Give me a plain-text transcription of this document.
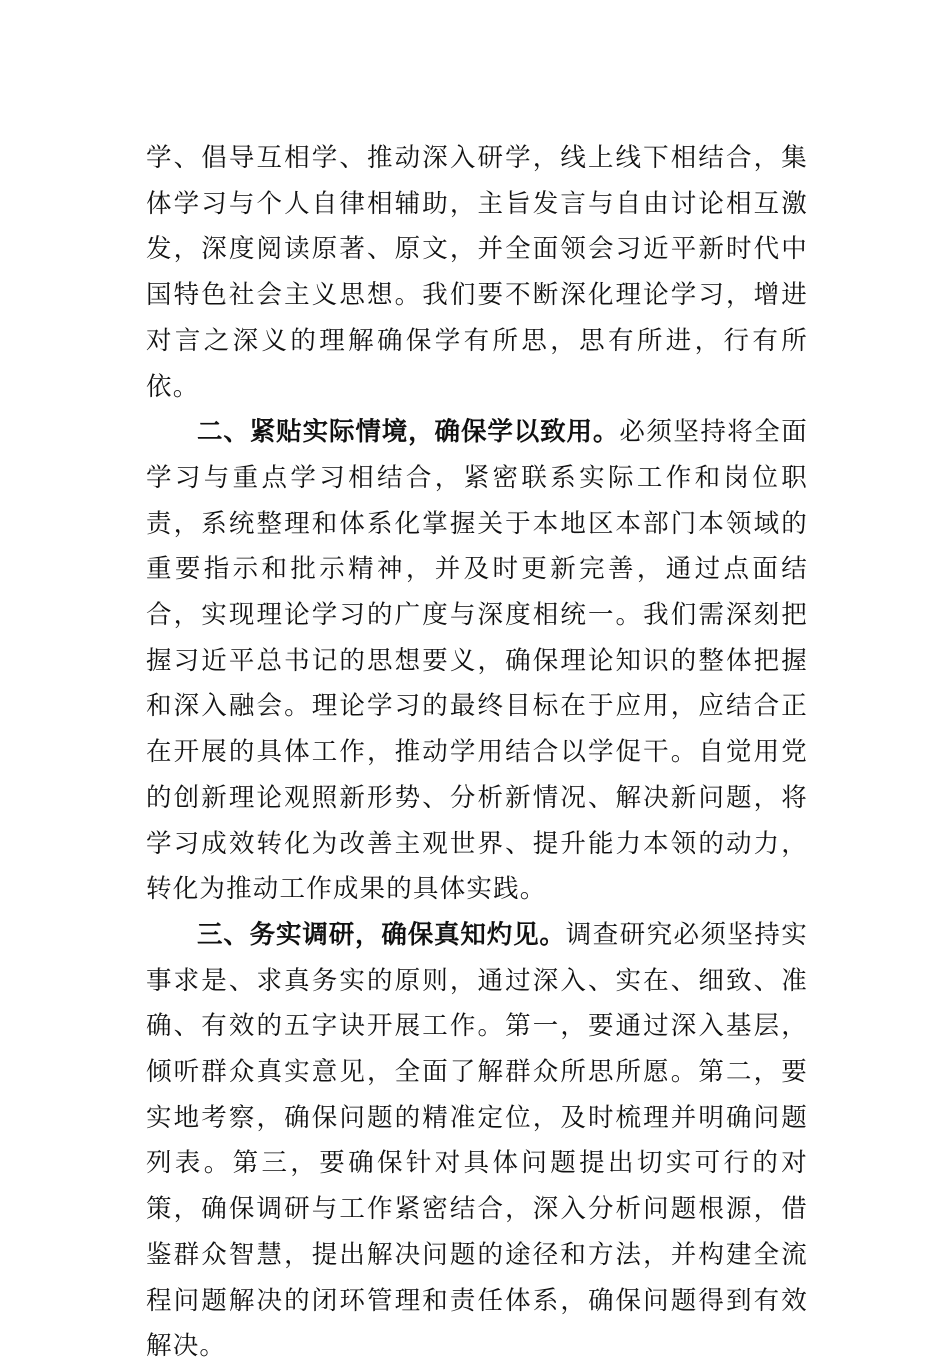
学、倡导互相学、推动深入研学，线上线下相结合，集体学习与个人自律相辅助，主旨发言与自由讨论相互激发，深度阅读原著、原文，并全面领会习近平新时代中国特色社会主义思想。我们要不断深化理论学习，增进对言之深义的理解确保学有所思，思有所进，行有所依。

二、紧贴实际情境，确保学以致用。必须坚持将全面学习与重点学习相结合，紧密联系实际工作和岗位职责，系统整理和体系化掌握关于本地区本部门本领域的重要指示和批示精神，并及时更新完善，通过点面结合，实现理论学习的广度与深度相统一。我们需深刻把握习近平总书记的思想要义，确保理论知识的整体把握和深入融会。理论学习的最终目标在于应用，应结合正在开展的具体工作，推动学用结合以学促干。自觉用党的创新理论观照新形势、分析新情况、解决新问题，将学习成效转化为改善主观世界、提升能力本领的动力，转化为推动工作成果的具体实践。

三、务实调研，确保真知灼见。调查研究必须坚持实事求是、求真务实的原则，通过深入、实在、细致、准确、有效的五字诀开展工作。第一，要通过深入基层，倾听群众真实意见，全面了解群众所思所愿。第二，要实地考察，确保问题的精准定位，及时梳理并明确问题列表。第三，要确保针对具体问题提出切实可行的对策，确保调研与工作紧密结合，深入分析问题根源，借鉴群众智慧，提出解决问题的途径和方法，并构建全流程问题解决的闭环管理和责任体系，确保问题得到有效解决。
